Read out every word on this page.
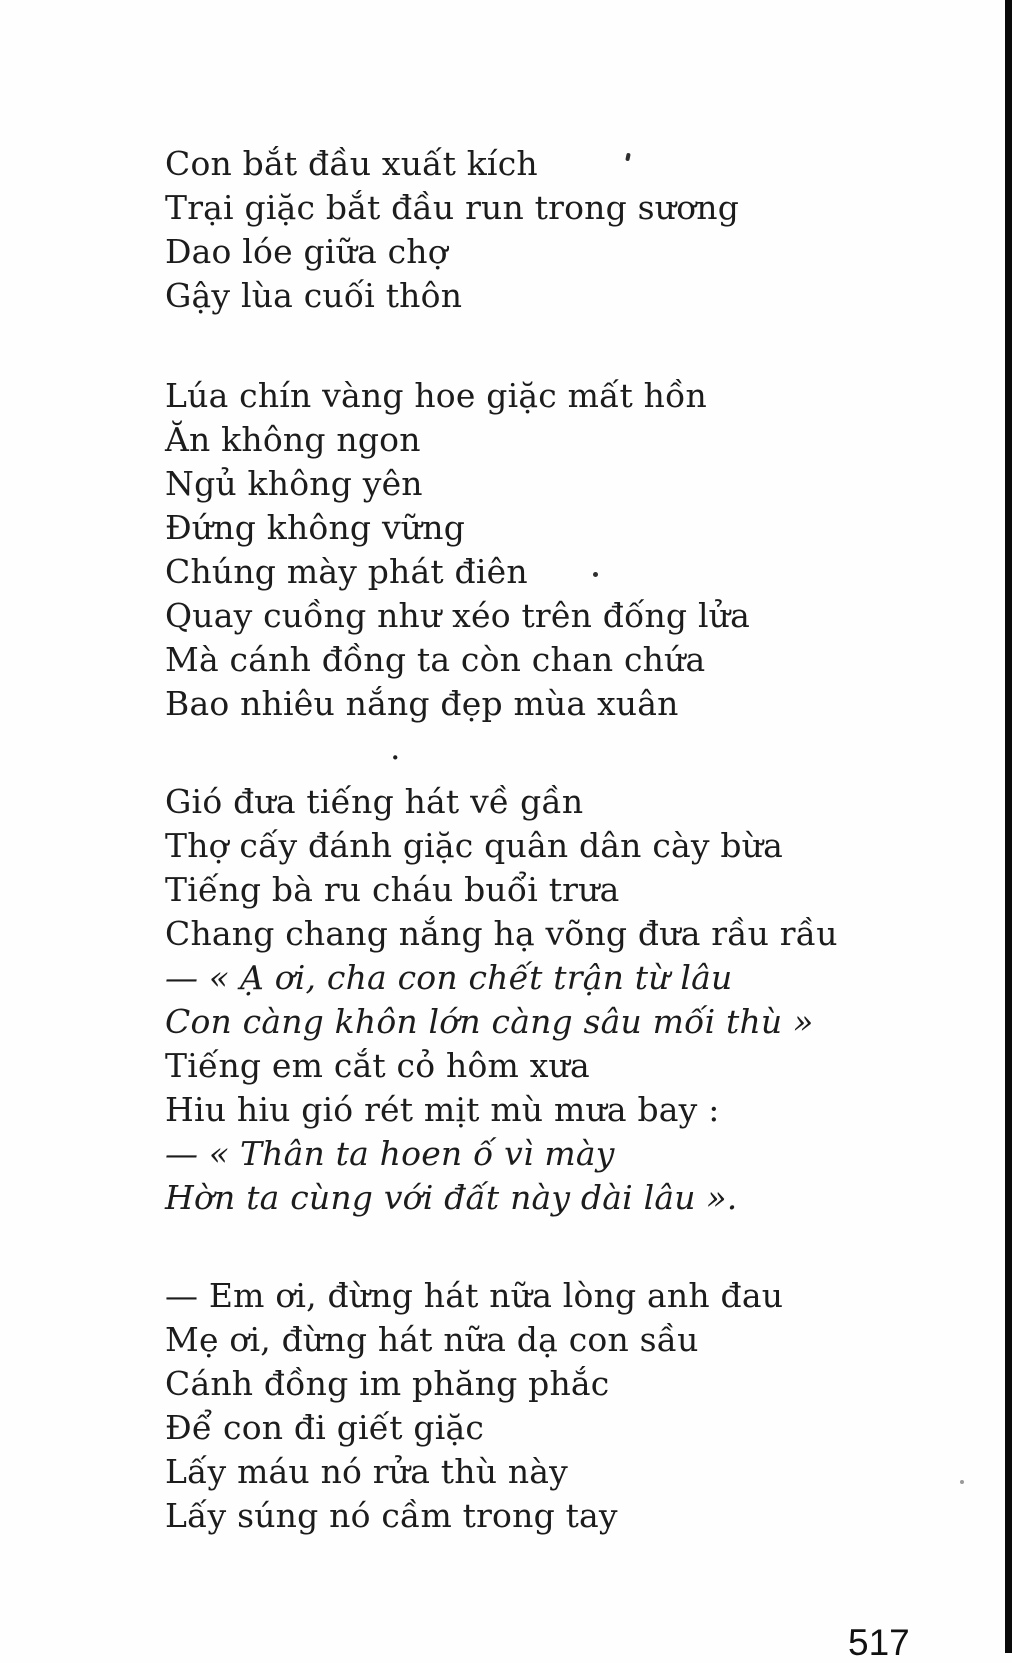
Con bắt đầu xuất kích

Trại giặc bắt đầu run trong sương

Dao lóe giữa chợ

Gậy lùa cuối thôn

Lúa chín vàng hoe giặc mất hồn

Ăn không ngon

Ngủ không yên

Đứng không vững

Chúng mày phát điên

Quay cuồng như xéo trên đống lửa

Mà cánh đồng ta còn chan chứa

Bao nhiêu nắng đẹp mùa xuân

.

Gió đưa tiếng hát về gần

Thợ cấy đánh giặc quân dân cày bừa

Tiếng bà ru cháu buổi trưa

Chang chang nắng hạ võng đưa rầu rầu

— « Ạ ơi, cha con chết trận từ lâu

Con càng khôn lớn càng sâu mối thù »

Tiếng em cắt cỏ hôm xưa

Hiu hiu gió rét mịt mù mưa bay :

— « Thân ta hoen ố vì mày

Hờn ta cùng với đất này dài lâu ».

— Em ơi, đừng hát nữa lòng anh đau

Mẹ ơi, đừng hát nữa dạ con sầu

Cánh đồng im phăng phắc

Để con đi giết giặc

Lấy máu nó rửa thù này

Lấy súng nó cầm trong tay

517
